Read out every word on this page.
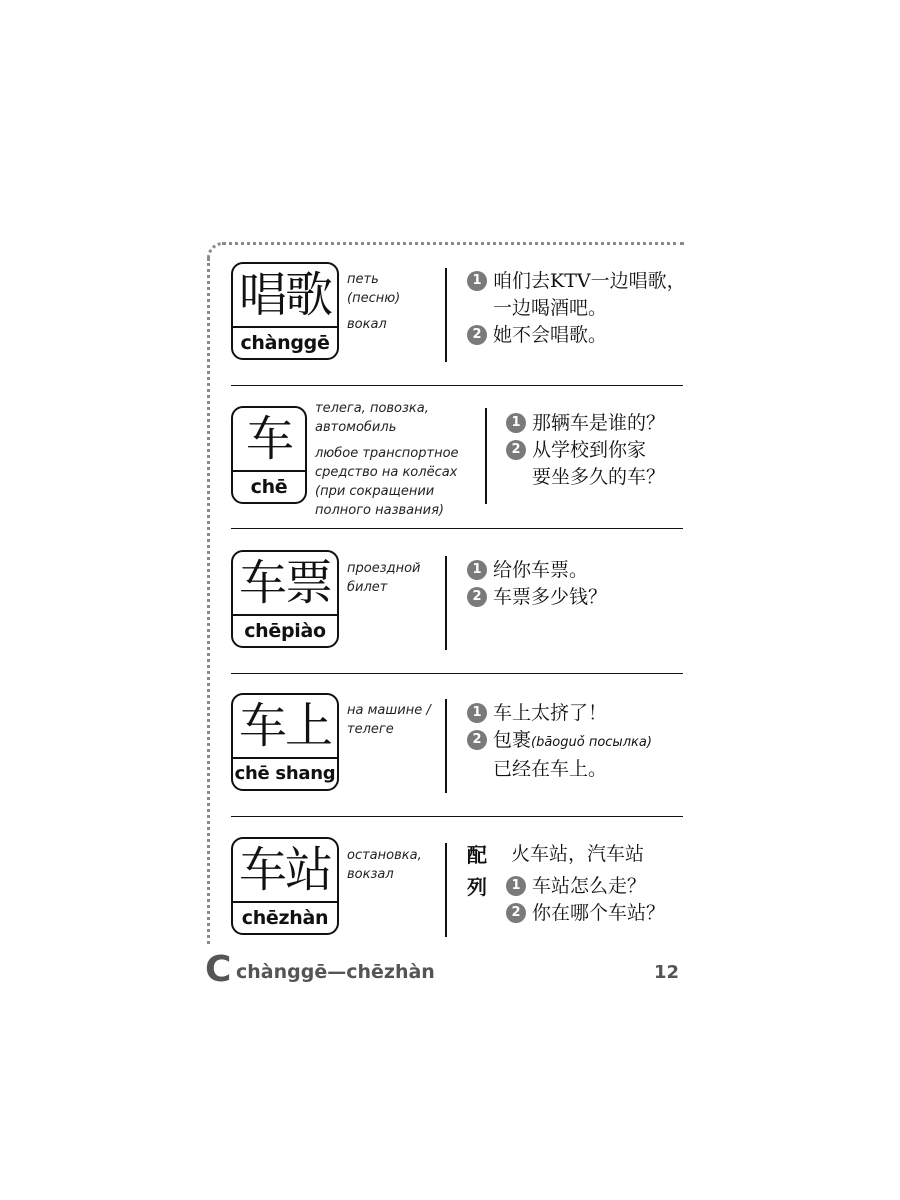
唱歌
chànggē
петь
(песню)
вокал
1 咱们去KTV一边唱歌，
一边喝酒吧。
2 她不会唱歌。
车
chē
телега, повозка, автомобиль
любое транспортное средство на колёсах (при сокращении полного названия)
1 那辆车是谁的？
2 从学校到你家
要坐多久的车？
车票
chēpiào
проездной билет
1 给你车票。
2 车票多少钱？
车上
chē shang
на машине / телеге
1 车上太挤了！
2 包裹(bāoguǒ посылка)
已经在车上。
车站
chēzhàn
остановка, вокзал
配
列
火车站，汽车站
1 车站怎么走？
2 你在哪个车站？
C chànggē—chēzhàn	12
